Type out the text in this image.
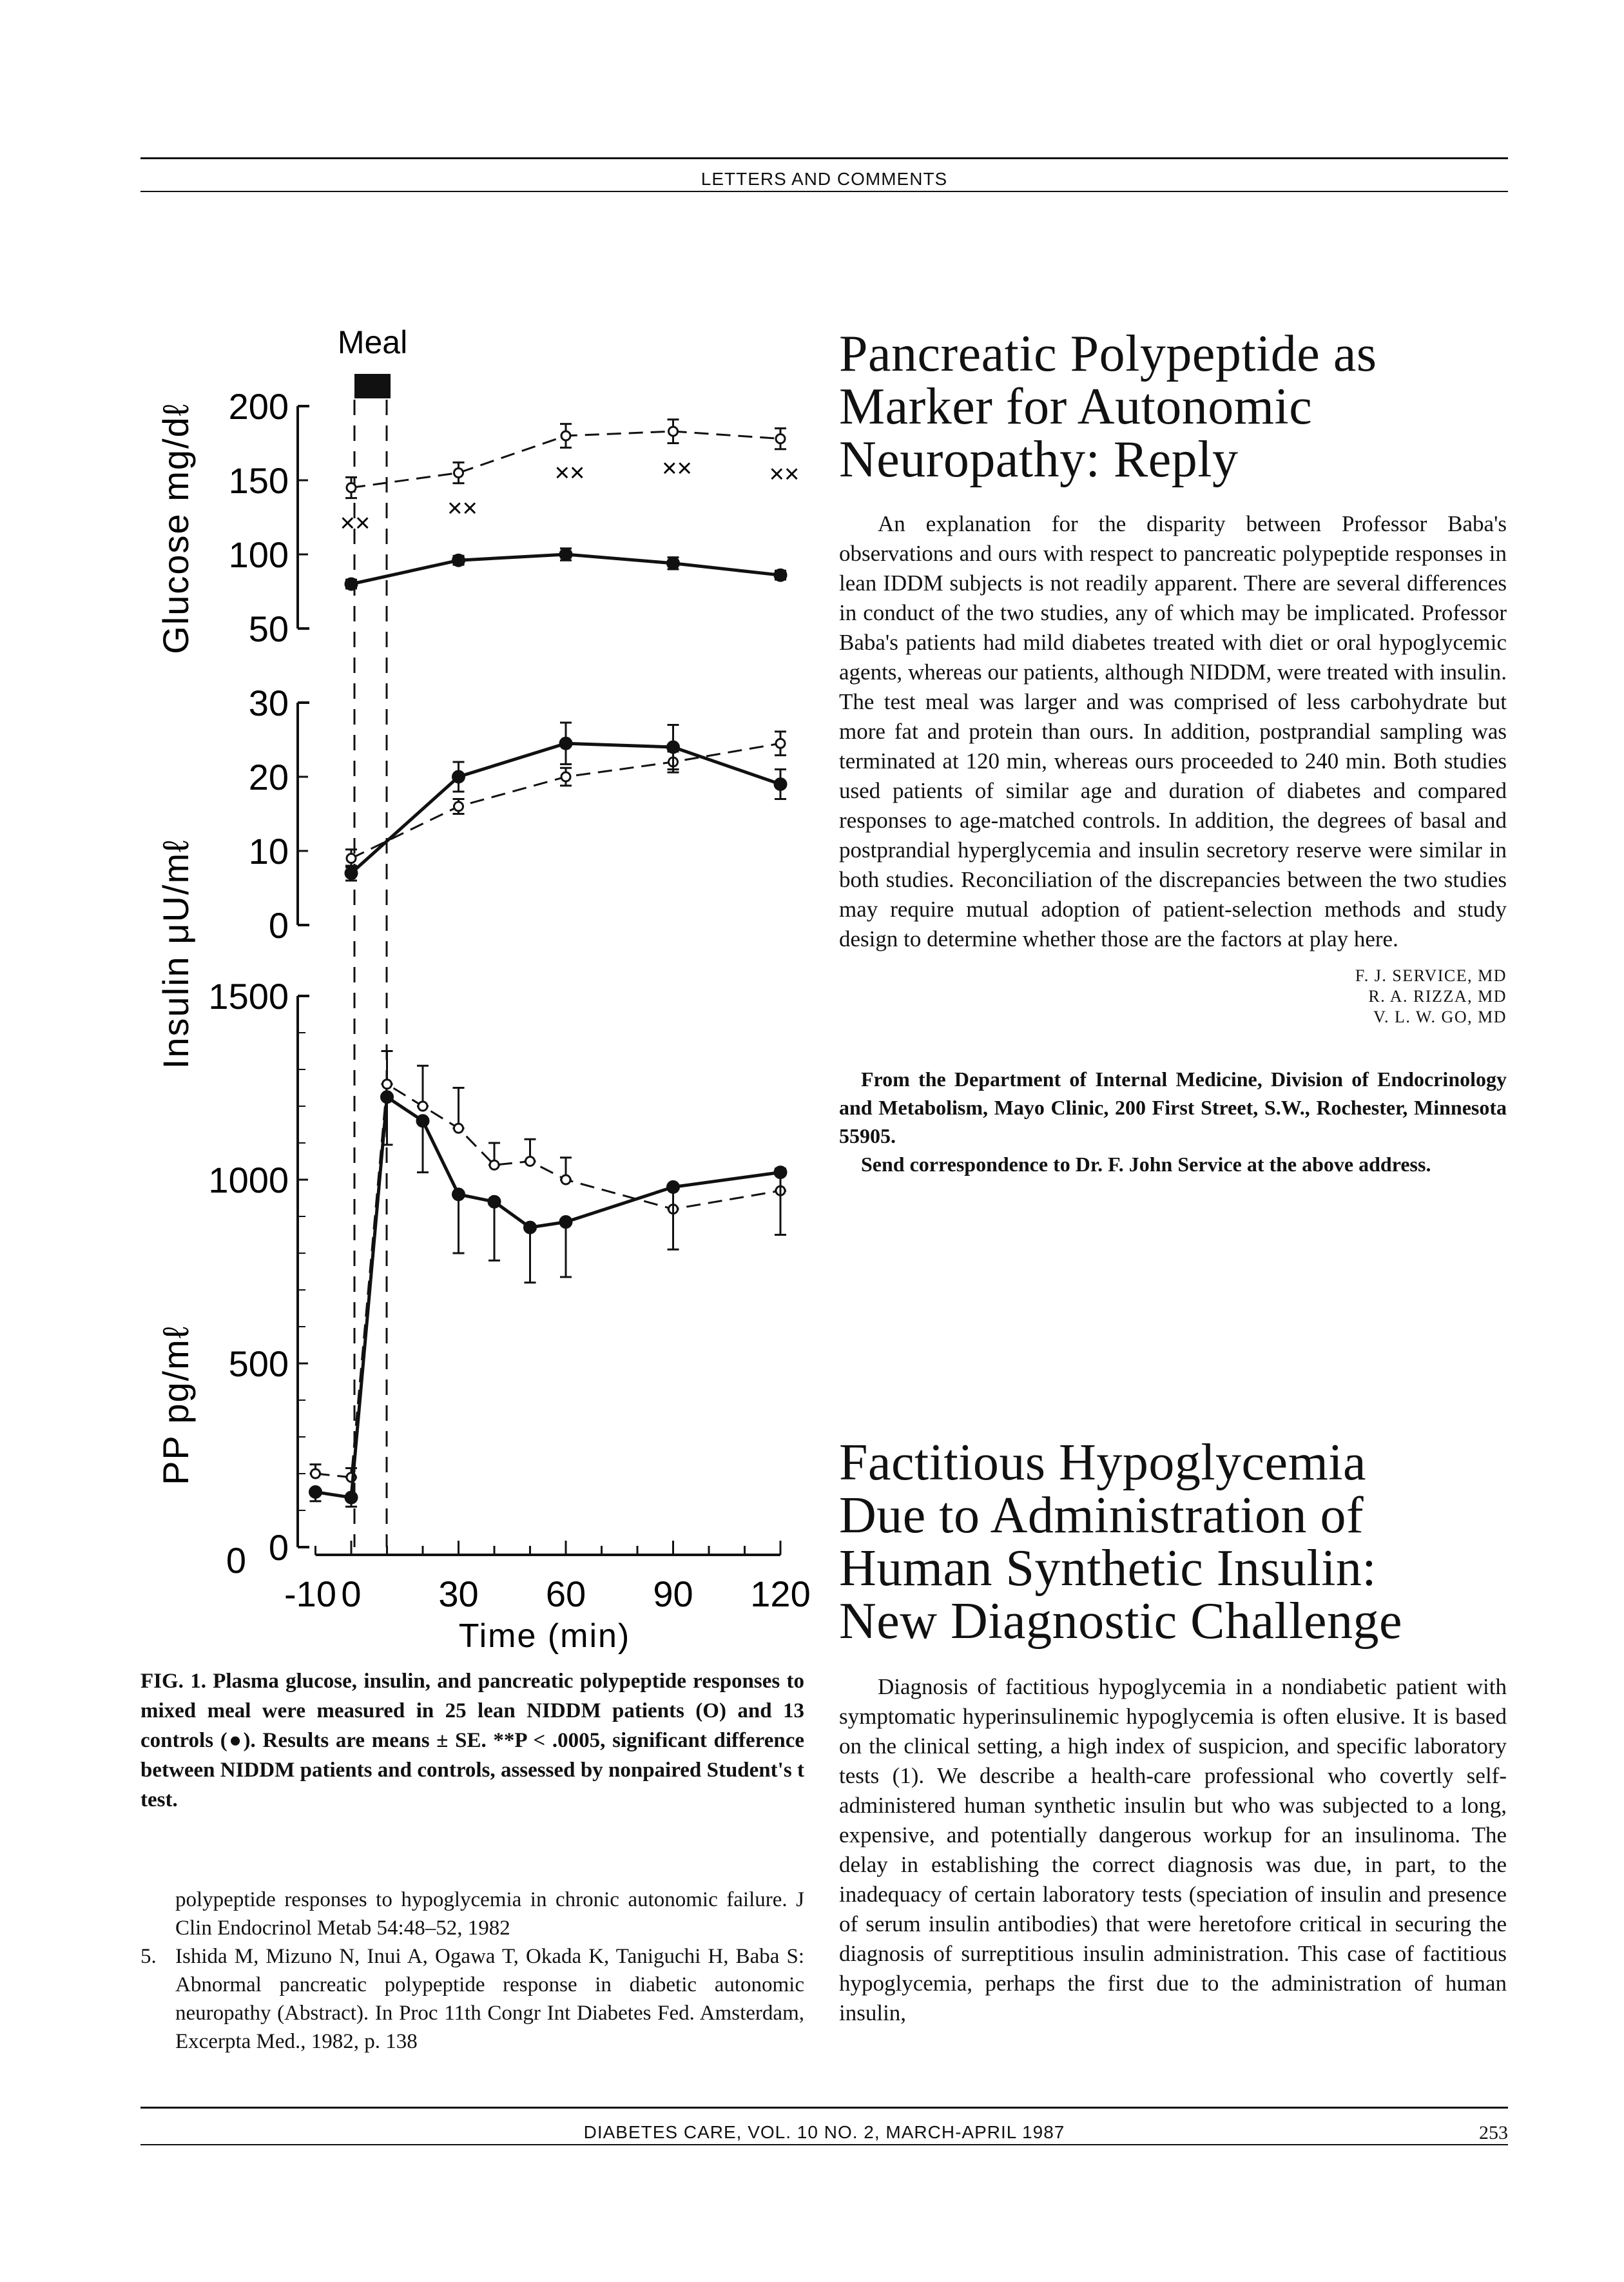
LETTERS AND COMMENTS
Meal
Glucose mg/dℓ
Insulin μU/mℓ
PP pg/mℓ
Time (min)
50
100
150
200
××
××
××	××	××
0
10
20
30
0
500
1000
1500
-10 0 30 60 90 120
0
FIG. 1. Plasma glucose, insulin, and pancreatic polypeptide responses to mixed meal were measured in 25 lean NIDDM patients (O) and 13 controls (●). Results are means ± SE. **P < .0005, significant difference between NIDDM patients and controls, assessed by nonpaired Student's t test.
polypeptide responses to hypoglycemia in chronic autonomic failure. J Clin Endocrinol Metab 54:48–52, 1982
5. Ishida M, Mizuno N, Inui A, Ogawa T, Okada K, Taniguchi H, Baba S: Abnormal pancreatic polypeptide response in diabetic autonomic neuropathy (Abstract). In Proc 11th Congr Int Diabetes Fed. Amsterdam, Excerpta Med., 1982, p. 138
Pancreatic Polypeptide as
Marker for Autonomic
Neuropathy: Reply

An explanation for the disparity between Professor Baba's observations and ours with respect to pancreatic polypeptide responses in lean IDDM subjects is not readily apparent. There are several differences in conduct of the two studies, any of which may be implicated. Professor Baba's patients had mild diabetes treated with diet or oral hypoglycemic agents, whereas our patients, although NIDDM, were treated with insulin. The test meal was larger and was comprised of less carbohydrate but more fat and protein than ours. In addition, postprandial sampling was terminated at 120 min, whereas ours proceeded to 240 min. Both studies used patients of similar age and duration of diabetes and compared responses to age-matched controls. In addition, the degrees of basal and postprandial hyperglycemia and insulin secretory reserve were similar in both studies. Reconciliation of the discrepancies between the two studies may require mutual adoption of patient-selection methods and study design to determine whether those are the factors at play here.

F. J. SERVICE, MD
R. A. RIZZA, MD
V. L. W. GO, MD

From the Department of Internal Medicine, Division of Endocrinology and Metabolism, Mayo Clinic, 200 First Street, S.W., Rochester, Minnesota 55905.

Send correspondence to Dr. F. John Service at the above address.

Factitious Hypoglycemia
Due to Administration of
Human Synthetic Insulin:
New Diagnostic Challenge

Diagnosis of factitious hypoglycemia in a nondiabetic patient with symptomatic hyperinsulinemic hypoglycemia is often elusive. It is based on the clinical setting, a high index of suspicion, and specific laboratory tests (1). We describe a health-care professional who covertly self-administered human synthetic insulin but who was subjected to a long, expensive, and potentially dangerous workup for an insulinoma. The delay in establishing the correct diagnosis was due, in part, to the inadequacy of certain laboratory tests (speciation of insulin and presence of serum insulin antibodies) that were heretofore critical in securing the diagnosis of surreptitious insulin administration. This case of factitious hypoglycemia, perhaps the first due to the administration of human insulin,

DIABETES CARE, VOL. 10 NO. 2, MARCH-APRIL 1987	253
